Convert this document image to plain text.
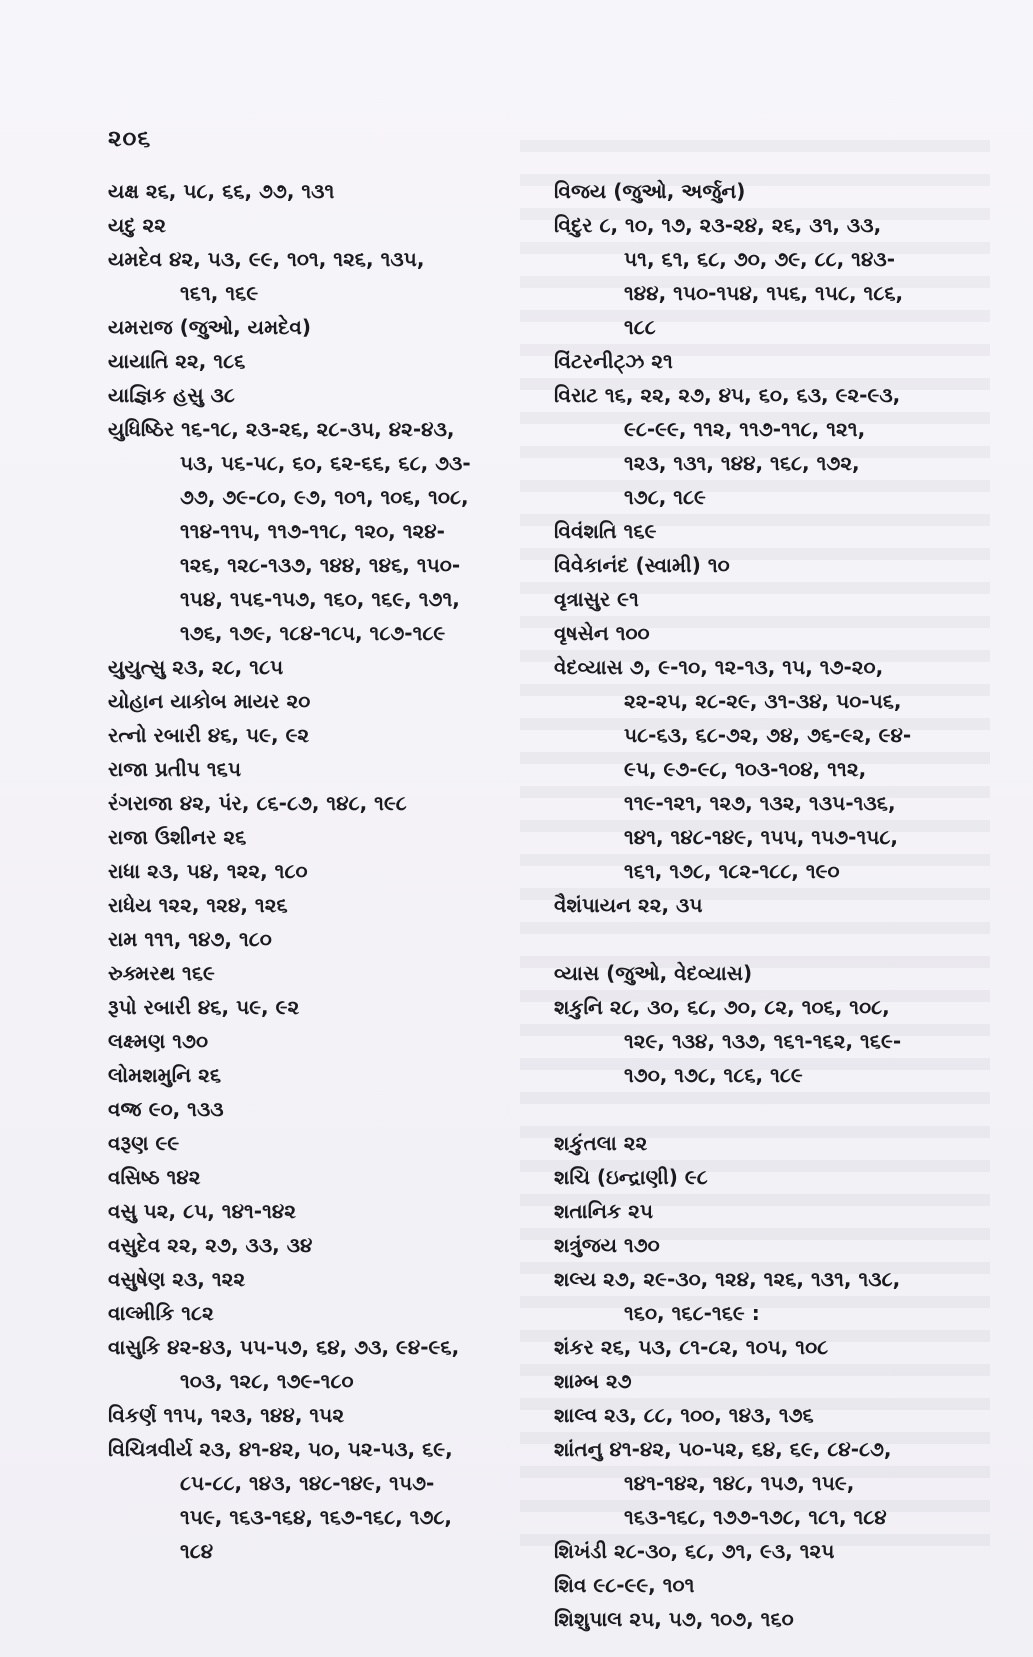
૨૦૬
યક્ષ ૨૬, ૫૮, ૬૬, ૭૭, ૧૩૧
યદુ ૨૨
યમદેવ ૪૨, ૫૩, ૯૯, ૧૦૧, ૧૨૬, ૧૩૫,
૧૬૧, ૧૬૯
યમરાજ (જુઓ, યમદેવ)
યાયાતિ ૨૨, ૧૮૬
યાજ્ઞિક હસુ ૩૮
યુધિષ્ઠિર ૧૬-૧૮, ૨૩-૨૬, ૨૮-૩૫, ૪૨-૪૩,
૫૩, ૫૬-૫૮, ૬૦, ૬૨-૬૬, ૬૮, ૭૩-
૭૭, ૭૯-૮૦, ૯૭, ૧૦૧, ૧૦૬, ૧૦૮,
૧૧૪-૧૧૫, ૧૧૭-૧૧૮, ૧૨૦, ૧૨૪-
૧૨૬, ૧૨૮-૧૩૭, ૧૪૪, ૧૪૬, ૧૫૦-
૧૫૪, ૧૫૬-૧૫૭, ૧૬૦, ૧૬૯, ૧૭૧,
૧૭૬, ૧૭૯, ૧૮૪-૧૮૫, ૧૮૭-૧૮૯
યુયુત્સુ ૨૩, ૨૮, ૧૮૫
યોહાન યાકોબ માયર ૨૦
રત્નો રબારી ૪૬, ૫૯, ૯૨
રાજા પ્રતીપ ૧૬૫
રંગરાજા ૪૨, પંર, ૮૬-૮૭, ૧૪૮, ૧૯૮
રાજા ઉશીનર ૨૬
રાધા ૨૩, ૫૪, ૧૨૨, ૧૮૦
રાધેય ૧૨૨, ૧૨૪, ૧૨૬
રામ ૧૧૧, ૧૪૭, ૧૮૦
રુક્મરથ ૧૬૯
રૂપો રબારી ૪૬, ૫૯, ૯૨
લક્ષ્મણ ૧૭૦
લોમશમુનિ ૨૬
વજ્ર ૯૦, ૧૩૩
વરૂણ ૯૯
વસિષ્ઠ ૧૪૨
વસુ ૫૨, ૮૫, ૧૪૧-૧૪૨
વસુદેવ ૨૨, ૨૭, ૩૩, ૩૪
વસુષેણ ૨૩, ૧૨૨
વાલ્મીકિ ૧૮૨
વાસુકિ ૪૨-૪૩, ૫૫-૫૭, ૬૪, ૭૩, ૯૪-૯૬,
૧૦૩, ૧૨૮, ૧૭૯-૧૮૦
વિકર્ણ ૧૧૫, ૧૨૩, ૧૪૪, ૧૫૨
વિચિત્રવીર્ય ૨૩, ૪૧-૪૨, ૫૦, ૫૨-૫૩, ૬૯,
૮૫-૮૮, ૧૪૩, ૧૪૮-૧૪૯, ૧૫૭-
૧૫૯, ૧૬૩-૧૬૪, ૧૬૭-૧૬૮, ૧૭૮,
૧૮૪
વિજય (જુઓ, અર્જુન)
વિદુર ૮, ૧૦, ૧૭, ૨૩-૨૪, ૨૬, ૩૧, ૩૩,
૫૧, ૬૧, ૬૮, ૭૦, ૭૯, ૮૮, ૧૪૩-
૧૪૪, ૧૫૦-૧૫૪, ૧૫૬, ૧૫૮, ૧૮૬,
૧૮૮
વિંટરનીટ્ઝ ૨૧
વિરાટ ૧૬, ૨૨, ૨૭, ૪૫, ૬૦, ૬૩, ૯૨-૯૩,
૯૮-૯૯, ૧૧૨, ૧૧૭-૧૧૮, ૧૨૧,
૧૨૩, ૧૩૧, ૧૪૪, ૧૬૮, ૧૭૨,
૧૭૮, ૧૮૯
વિવંશતિ ૧૬૯
વિવેકાનંદ (સ્વામી) ૧૦
વૃત્રાસુર ૯૧
વૃષસેન ૧૦૦
વેદવ્યાસ ૭, ૯-૧૦, ૧૨-૧૩, ૧૫, ૧૭-૨૦,
૨૨-૨૫, ૨૮-૨૯, ૩૧-૩૪, ૫૦-૫૬,
૫૮-૬૩, ૬૮-૭૨, ૭૪, ૭૬-૯૨, ૯૪-
૯૫, ૯૭-૯૮, ૧૦૩-૧૦૪, ૧૧૨,
૧૧૯-૧૨૧, ૧૨૭, ૧૩૨, ૧૩૫-૧૩૬,
૧૪૧, ૧૪૮-૧૪૯, ૧૫૫, ૧૫૭-૧૫૮,
૧૬૧, ૧૭૮, ૧૮૨-૧૮૮, ૧૯૦
વૈશંપાયન ૨૨, ૩૫
વ્યાસ (જુઓ, વેદવ્યાસ)
શકુનિ ૨૮, ૩૦, ૬૮, ૭૦, ૮૨, ૧૦૬, ૧૦૮,
૧૨૯, ૧૩૪, ૧૩૭, ૧૬૧-૧૬૨, ૧૬૯-
૧૭૦, ૧૭૮, ૧૮૬, ૧૮૯
શકુંતલા ૨૨
શચિ (ઇન્દ્રાણી) ૯૮
શતાનિક ૨૫
શત્રુંજય ૧૭૦
શલ્ય ૨૭, ૨૯-૩૦, ૧૨૪, ૧૨૬, ૧૩૧, ૧૩૮,
૧૬૦, ૧૬૮-૧૬૯ :
શંકર ૨૬, ૫૩, ૮૧-૮૨, ૧૦૫, ૧૦૮
શામ્બ ૨૭
શાલ્વ ૨૩, ૮૮, ૧૦૦, ૧૪૩, ૧૭૬
શાંતનુ ૪૧-૪૨, ૫૦-૫૨, ૬૪, ૬૯, ૮૪-૮૭,
૧૪૧-૧૪૨, ૧૪૮, ૧૫૭, ૧૫૯,
૧૬૩-૧૬૮, ૧૭૭-૧૭૮, ૧૮૧, ૧૮૪
શિખંડી ૨૮-૩૦, ૬૮, ૭૧, ૯૩, ૧૨૫
શિવ ૯૮-૯૯, ૧૦૧
શિશુપાલ ૨૫, ૫૭, ૧૦૭, ૧૬૦
